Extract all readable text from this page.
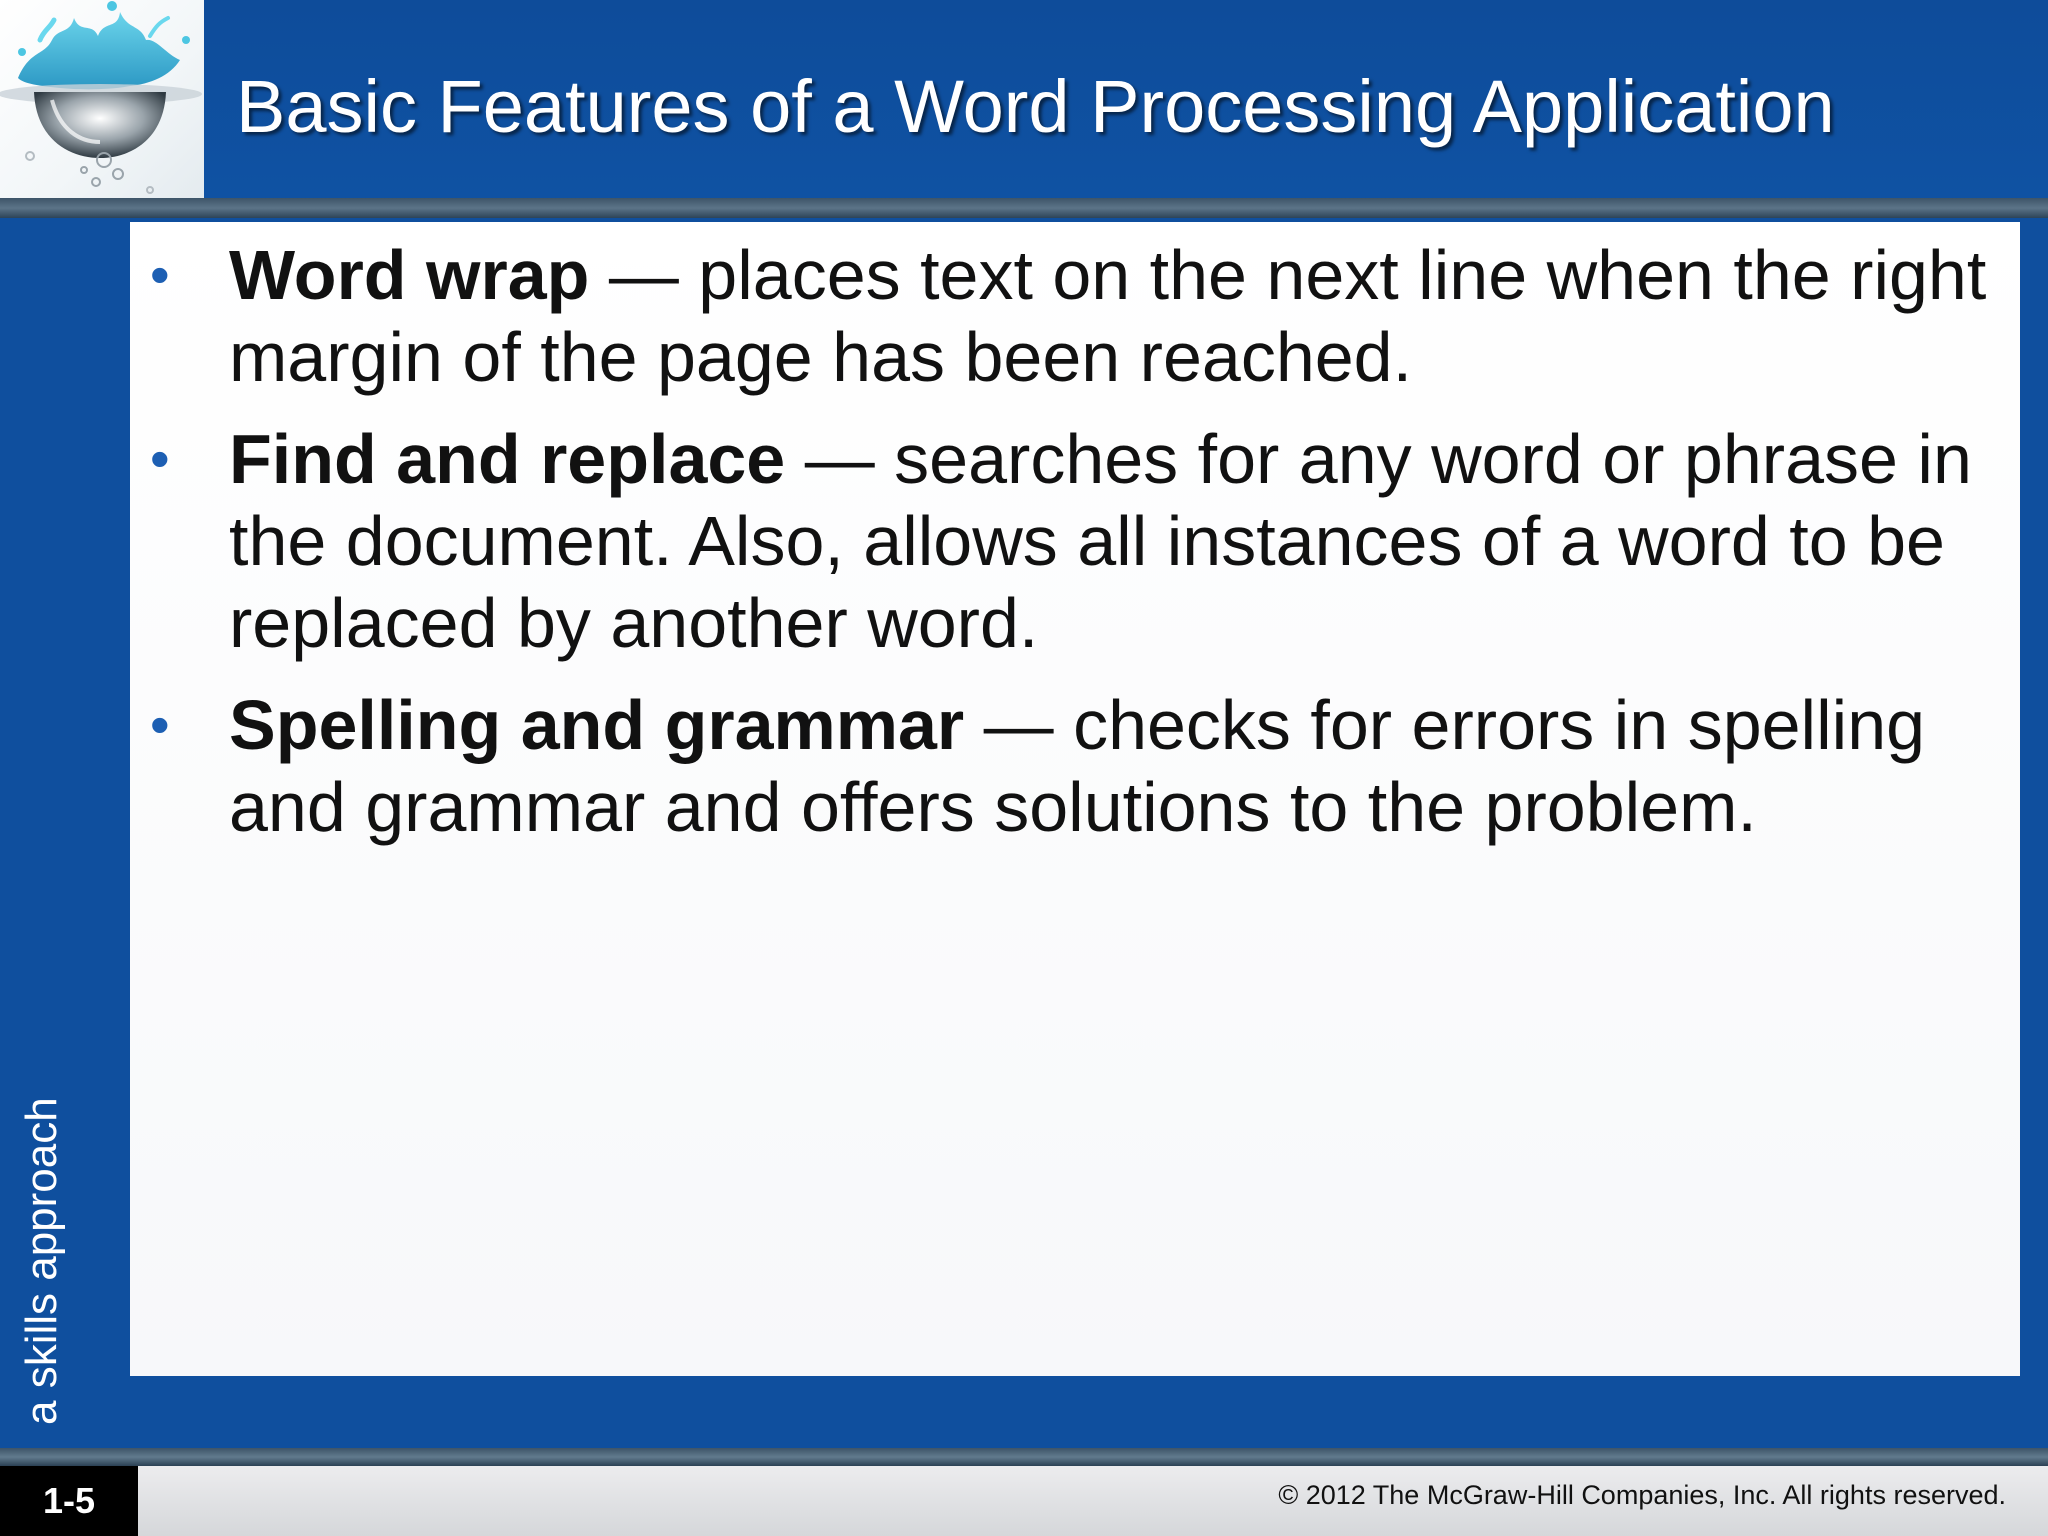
Basic Features of a Word Processing Application
• Word wrap — places text on the next line when the right margin of the page has been reached.
• Find and replace — searches for any word or phrase in the document. Also, allows all instances of a word to be replaced by another word.
• Spelling and grammar — checks for errors in spelling and grammar and offers solutions to the problem.
a skills approach
1-5	© 2012 The McGraw-Hill Companies, Inc. All rights reserved.
